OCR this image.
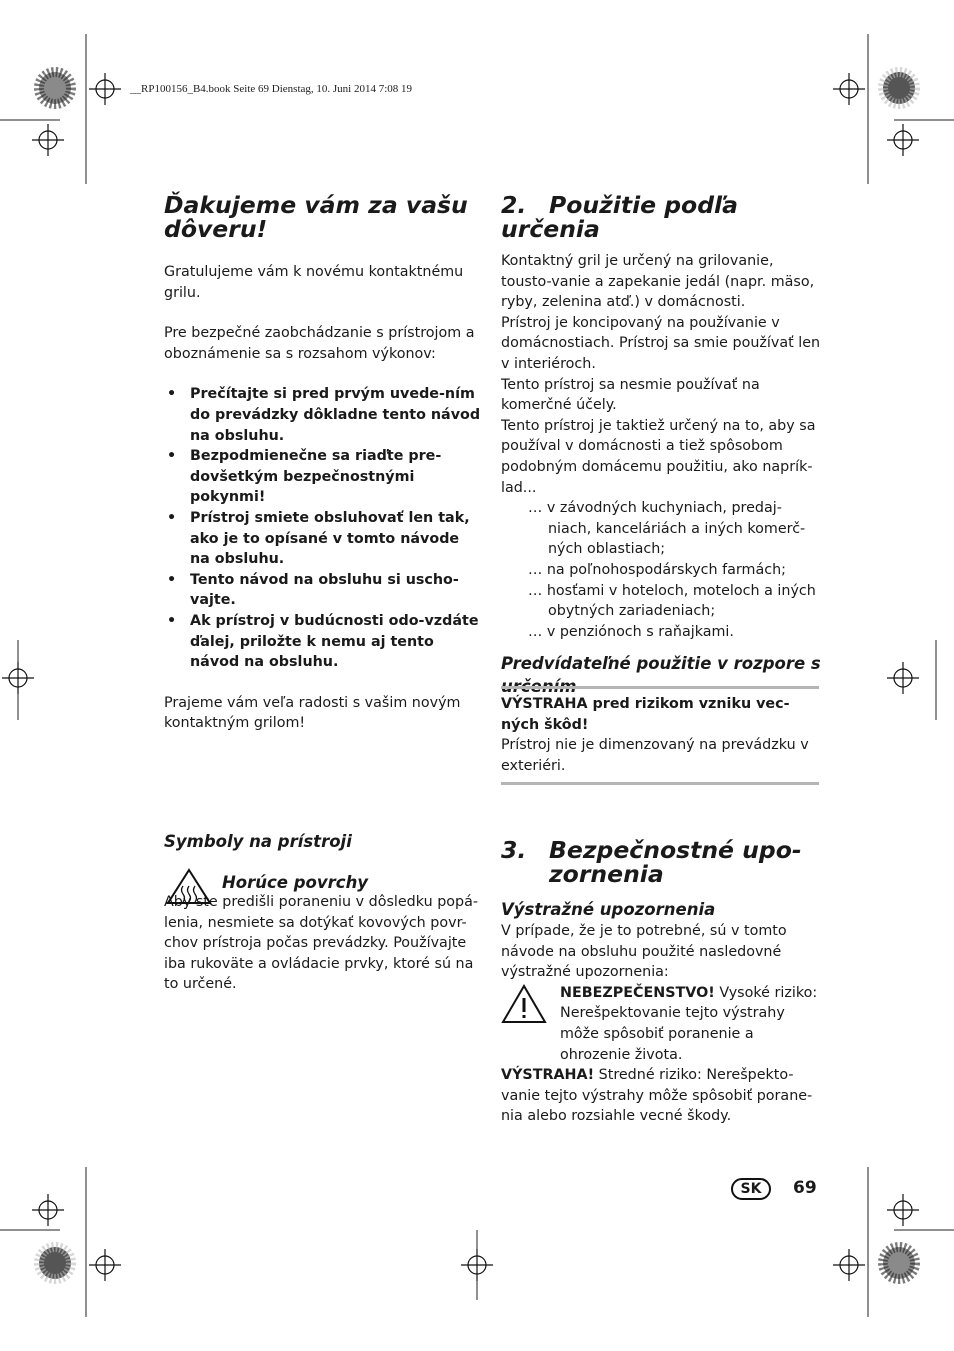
__RP100156_B4.book Seite 69 Dienstag, 10. Juni 2014 7:08 19
Ďakujeme vám za vašu dôveru!

Gratulujeme vám k novému kontaktnému grilu.

Pre bezpečné zaobchádzanie s prístrojom a oboznámenie sa s rozsahom výkonov:

• Prečítajte si pred prvým uvede-ním do prevádzky dôkladne tento návod na obsluhu.
• Bezpodmienečne sa riaďte pre-dovšetkým bezpečnostnými pokynmi!
• Prístroj smiete obsluhovať len tak, ako je to opísané v tomto návode na obsluhu.
• Tento návod na obsluhu si uscho-vajte.
• Ak prístroj v budúcnosti odo-vzdáte ďalej, priložte k nemu aj tento návod na obsluhu.

Prajeme vám veľa radosti s vašim novým kontaktným grilom!

Symboly na prístroji
Horúce povrchy

Aby ste predišli poraneniu v dôsledku popá-lenia, nesmiete sa dotýkať kovových povr-chov prístroja počas prevádzky. Používajte iba rukoväte a ovládacie prvky, ktoré sú na to určené.

2. Použitie podľa určenia

Kontaktný gril je určený na grilovanie, tousto-vanie a zapekanie jedál (napr. mäso, ryby, zelenina atď.) v domácnosti.

Prístroj je koncipovaný na používanie v domácnostiach. Prístroj sa smie používať len v interiéroch.

Tento prístroj sa nesmie používať na komerčné účely.

Tento prístroj je taktiež určený na to, aby sa používal v domácnosti a tiež spôsobom podobným domácemu použitiu, ako naprík-lad...

… v závodných kuchyniach, predaj-niach, kanceláriách a iných komerč-ných oblastiach;

… na poľnohospodárskych farmách;

… hosťami v hoteloch, moteloch a iných obytných zariadeniach;

… v penziónoch s raňajkami.

Predvídateľné použitie v rozpore s určením

VÝSTRAHA pred rizikom vzniku vec-ných škôd!

Prístroj nie je dimenzovaný na prevádzku v exteriéri.

3. Bezpečnostné upo-zornenia
Výstražné upozornenia

V prípade, že je to potrebné, sú v tomto návode na obsluhu použité nasledovné výstražné upozornenia:

NEBEZPEČENSTVO! Vysoké riziko: Nerešpektovanie tejto výstrahy môže spôsobiť poranenie a ohrozenie života.

VÝSTRAHA! Stredné riziko: Nerešpekto-vanie tejto výstrahy môže spôsobiť porane-nia alebo rozsiahle vecné škody.

SK	69
